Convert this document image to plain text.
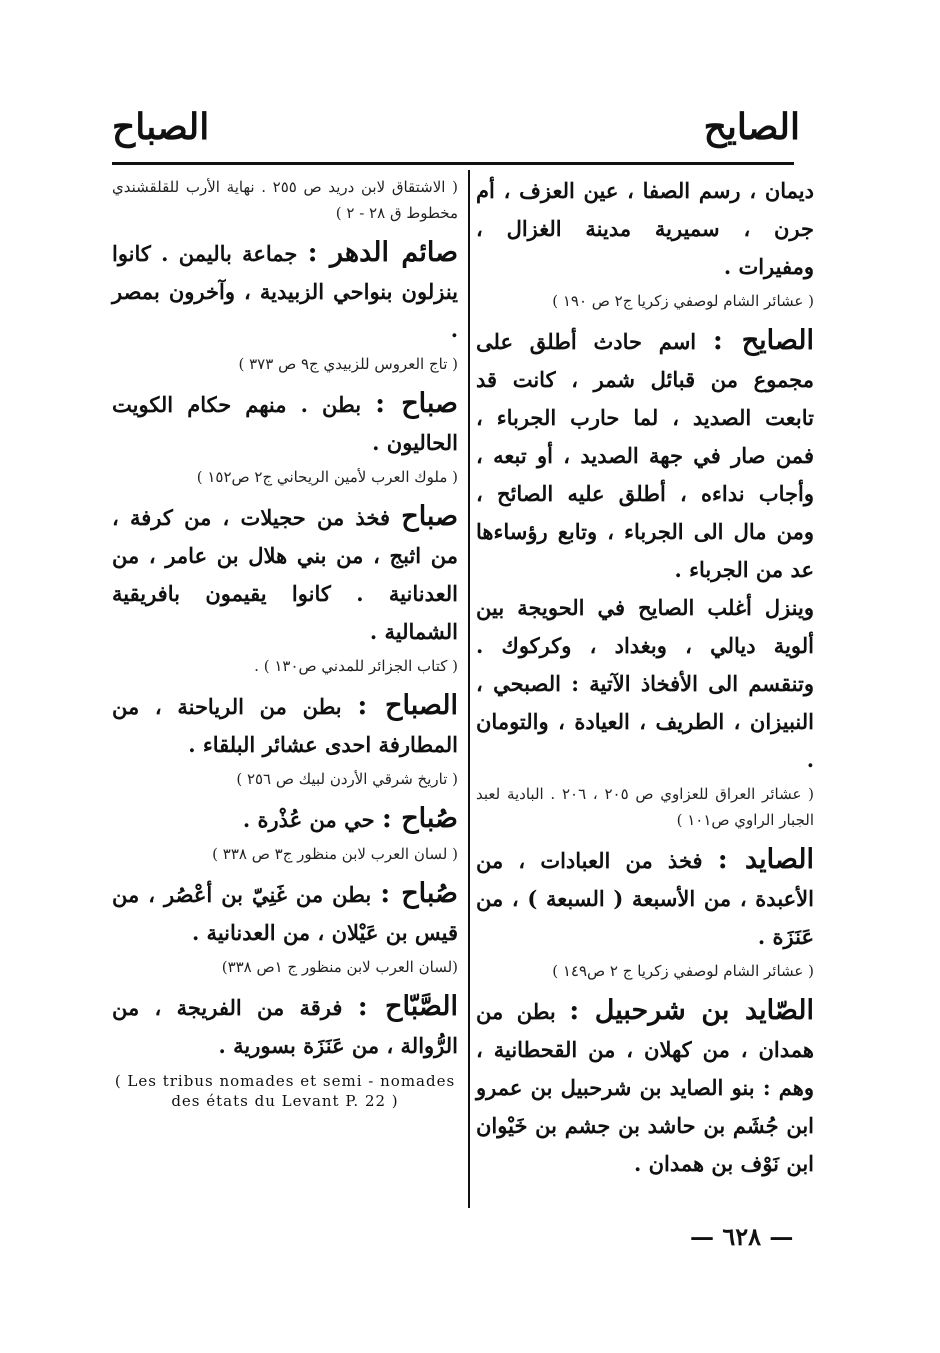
الصايح
الصباح

ديمان ، رسم الصفا ، عين العزف ، أم جرن ، سميرية مدينة الغزال ، ومفيرات .

( عشائر الشام لوصفي زكريا ج٢ ص ١٩٠ )

الصايح : اسم حادث أطلق على مجموع من قبائل شمر ، كانت قد تابعت الصديد ، لما حارب الجرباء ، فمن صار في جهة الصديد ، أو تبعه ، وأجاب نداءه ، أطلق عليه الصائح ، ومن مال الى الجرباء ، وتابع رؤساءها عد من الجرباء .

وينزل أغلب الصايح في الحويجة بين ألوية ديالي ، وبغداد ، وكركوك . وتنقسم الى الأفخاذ الآتية : الصبحي ، النبيزان ، الطريف ، العيادة ، والتومان .

( عشائر العراق للعزاوي ص ٢٠٥ ، ٢٠٦ . البادية لعبد الجبار الراوي ص١٠١ )

الصايد : فخذ من العبادات ، من الأعبدة ، من الأسبعة ( السبعة ) ، من عَنَزَة .

( عشائر الشام لوصفي زكريا ج ٢ ص١٤٩ )

الصّايد بن شرحبيل : بطن من همدان ، من كهلان ، من القحطانية ، وهم : بنو الصايد بن شرحبيل بن عمرو ابن جُشَم بن حاشد بن جشم بن خَيْوان ابن نَوْف بن همدان .

( الاشتقاق لابن دريد ص ٢٥٥ . نهاية الأرب للقلقشندي مخطوط ق ٢٨ - ٢ )

صائم الدهر : جماعة باليمن . كانوا ينزلون بنواحي الزبيدية ، وآخرون بمصر .

( تاج العروس للزبيدي ج٩ ص ٣٧٣ )

صباح : بطن . منهم حكام الكويت الحاليون .

( ملوك العرب لأمين الريحاني ج٢ ص١٥٢ )

صباح فخذ من حجيلات ، من كرفة ، من اثبج ، من بني هلال بن عامر ، من العدنانية . كانوا يقيمون بافريقية الشمالية .

( كتاب الجزائر للمدني ص١٣٠ ) .

الصباح : بطن من الرياحنة ، من المطارفة احدى عشائر البلقاء .

( تاريخ شرقي الأردن لبيك ص ٢٥٦ )

صُباح : حي من عُذْرة .

( لسان العرب لابن منظور ج٣ ص ٣٣٨ )

صُباح : بطن من غَنِيّ بن أعْصُر ، من قيس بن عَيْلان ، من العدنانية .

(لسان العرب لابن منظور ج ١ص ٣٣٨)

الصَّبّاح : فرقة من الفريجة ، من الرُّوالة ، من عَنَزَة بسورية .

( Les tribus nomades et semi - nomades des états du Levant P. 22 )
— ٦٢٨ —
